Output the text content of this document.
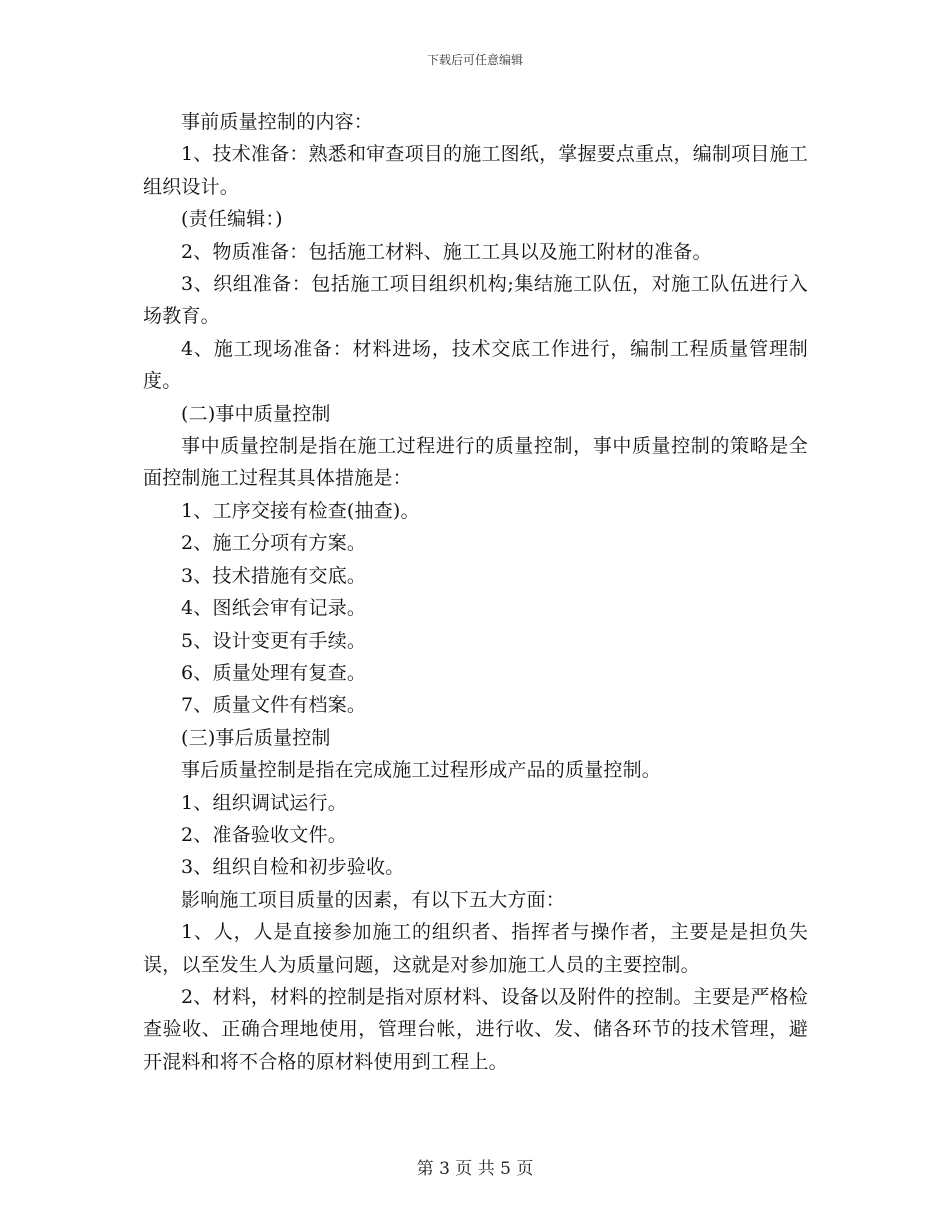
下载后可任意编辑

事前质量控制的内容：

1、技术准备：熟悉和审查项目的施工图纸，掌握要点重点，编制项目施工组织设计。

(责任编辑：)

2、物质准备：包括施工材料、施工工具以及施工附材的准备。

3、织组准备：包括施工项目组织机构;集结施工队伍，对施工队伍进行入场教育。

4、施工现场准备：材料进场，技术交底工作进行，编制工程质量管理制度。

(二)事中质量控制

事中质量控制是指在施工过程进行的质量控制，事中质量控制的策略是全面控制施工过程其具体措施是：

1、工序交接有检查(抽查)。

2、施工分项有方案。

3、技术措施有交底。

4、图纸会审有记录。

5、设计变更有手续。

6、质量处理有复查。

7、质量文件有档案。

(三)事后质量控制

事后质量控制是指在完成施工过程形成产品的质量控制。

1、组织调试运行。

2、准备验收文件。

3、组织自检和初步验收。

影响施工项目质量的因素，有以下五大方面：

1、人，人是直接参加施工的组织者、指挥者与操作者，主要是是担负失误，以至发生人为质量问题，这就是对参加施工人员的主要控制。

2、材料，材料的控制是指对原材料、设备以及附件的控制。主要是严格检查验收、正确合理地使用，管理台帐，进行收、发、储各环节的技术管理，避开混料和将不合格的原材料使用到工程上。

第 3 页 共 5 页
